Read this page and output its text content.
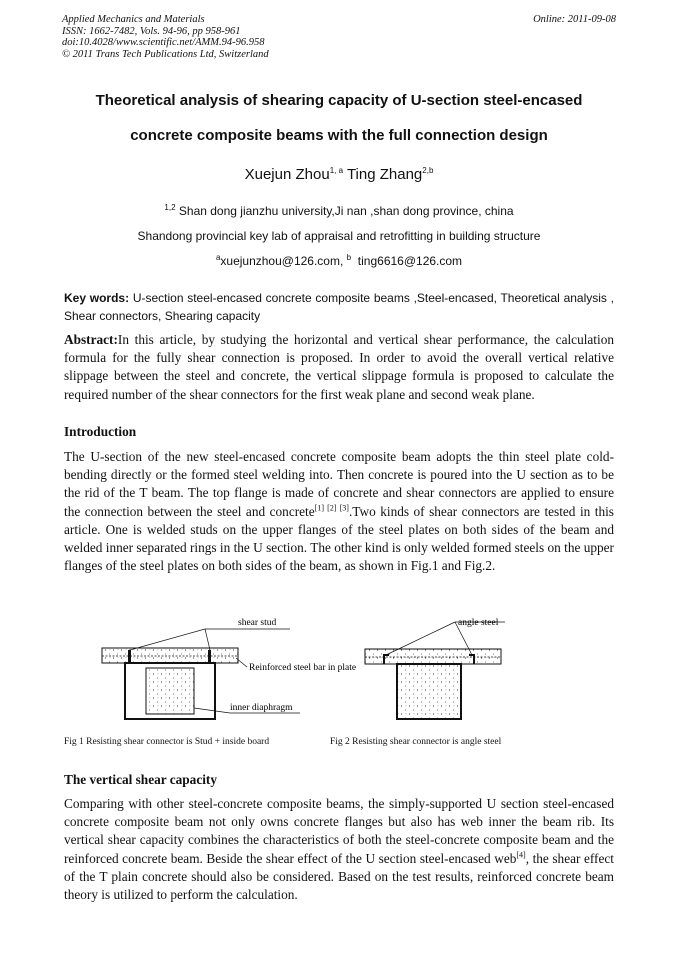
Applied Mechanics and Materials
ISSN: 1662-7482, Vols. 94-96, pp 958-961
doi:10.4028/www.scientific.net/AMM.94-96.958
© 2011 Trans Tech Publications Ltd, Switzerland
Online: 2011-09-08
Theoretical analysis of shearing capacity of U-section steel-encased
concrete composite beams with the full connection design
Xuejun Zhou$^{1, a}$ Ting Zhang$^{2,b}$
$^{1,2}$ Shan dong jianzhu university,Ji nan ,shan dong province, china
Shandong provincial key lab of appraisal and retrofitting in building structure
$^a$xuejunzhou@126.com, $^b$ ting6616@126.com
Key words: U-section steel-encased concrete composite beams ,Steel-encased, Theoretical analysis , Shear connectors, Shearing capacity
Abstract:In this article, by studying the horizontal and vertical shear performance, the calculation formula for the fully shear connection is proposed. In order to avoid the overall vertical relative slippage between the steel and concrete, the vertical slippage formula is proposed to calculate the required number of the shear connectors for the first weak plane and second weak plane.
Introduction
The U-section of the new steel-encased concrete composite beam adopts the thin steel plate cold-bending directly or the formed steel welding into. Then concrete is poured into the U section as to be the rid of the T beam. The top flange is made of concrete and shear connectors are applied to ensure the connection between the steel and concrete[1] [2] [3].Two kinds of shear connectors are tested in this article. One is welded studs on the upper flanges of the steel plates on both sides of the beam and welded inner separated rings in the U section. The other kind is only welded formed steels on the upper flanges of the steel plates on both sides of the beam, as shown in Fig.1 and Fig.2.
shear stud
Reinforced steel bar in plate
inner diaphragm
angle steel
Fig 1 Resisting shear connector is Stud + inside board	Fig 2 Resisting shear connector is angle steel
The vertical shear capacity
Comparing with other steel-concrete composite beams, the simply-supported U section steel-encased concrete composite beam not only owns concrete flanges but also has web inner the beam rib. Its vertical shear capacity combines the characteristics of both the steel-concrete composite beam and the reinforced concrete beam. Beside the shear effect of the U section steel-encased web[4], the shear effect of the T plain concrete should also be considered. Based on the test results, reinforced concrete beam theory is utilized to perform the calculation.
